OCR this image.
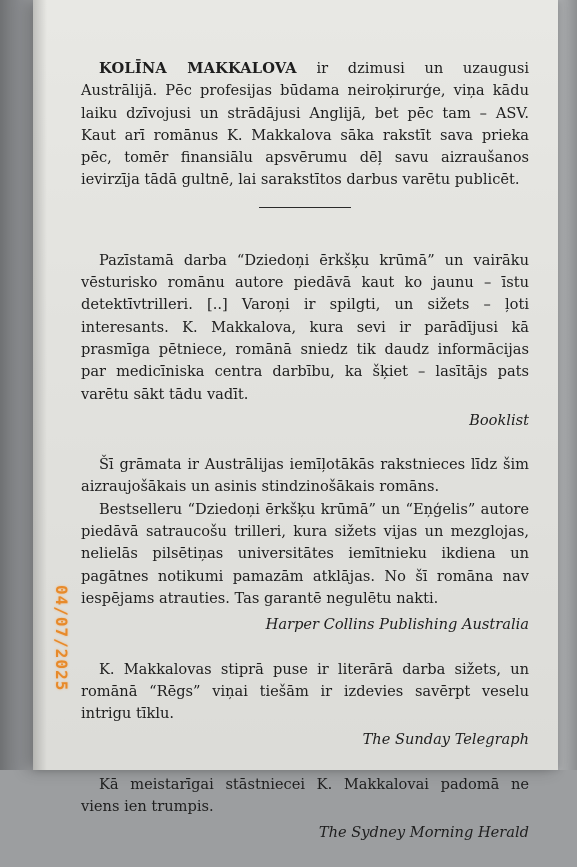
KOLĪNA MAKKALOVA ir dzimusi un uzaugusi Austrālijā. Pēc profesijas būdama neiroķirurģe, viņa kādu laiku dzīvojusi un strādājusi Anglijā, bet pēc tam – ASV. Kaut arī romānus K. Makkalova sāka rakstīt sava prieka pēc, tomēr finansiālu apsvērumu dēļ savu aizraušanos ievirzīja tādā gultnē, lai sarakstītos darbus varētu publicēt.

Pazīstamā darba “Dziedoņi ērkšķu krūmā” un vairāku vēsturisko romānu autore piedāvā kaut ko jaunu – īstu detektīvtrilleri. [..] Varoņi ir spilgti, un sižets – ļoti interesants. K. Makkalova, kura sevi ir parādījusi kā prasmīga pētniece, romānā sniedz tik daudz informācijas par medicīniska centra darbību, ka šķiet – lasītājs pats varētu sākt tādu vadīt.

Booklist

Šī grāmata ir Austrālijas iemīļotākās rakstnieces līdz šim aizraujošākais un asinis stindzinošākais romāns.

Bestselleru “Dziedoņi ērkšķu krūmā” un “Eņģelis” autore piedāvā satraucošu trilleri, kura sižets vijas un mezglojas, nelielās pilsētiņas universitātes iemītnieku ikdiena un pagātnes notikumi pamazām atklājas. No šī romāna nav iespējams atrauties. Tas garantē negulētu nakti.

Harper Collins Publishing Australia

K. Makkalovas stiprā puse ir literārā darba sižets, un romānā “Rēgs” viņai tiešām ir izdevies savērpt veselu intrigu tīklu.

The Sunday Telegraph

Kā meistarīgai stāstniecei K. Makkalovai padomā ne viens ien trumpis.

The Sydney Morning Herald
04/07/2025
